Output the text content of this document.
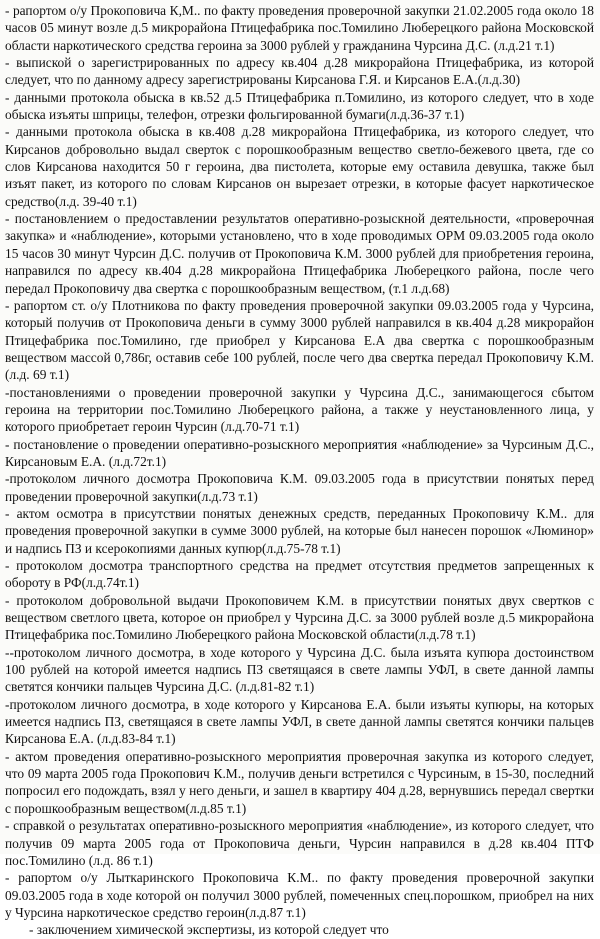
- рапортом о/у Прокоповича К,М.. по факту проведения проверочной закупки 21.02.2005 года около 18 часов 05 минут возле д.5 микрорайона Птицефабрика пос.Томилино Люберецкого района Московской области наркотического средства героина за 3000 рублей у гражданина Чурсина Д.С. (л.д.21 т.1)

- выпиской о зарегистрированных по адресу кв.404 д.28 микрорайона Птицефабрика, из которой следует, что по данному адресу зарегистрированы Кирсанова Г.Я. и Кирсанов Е.А.(л.д.30)

- данными протокола обыска в кв.52 д.5 Птицефабрика п.Томилино, из которого следует, что в ходе обыска изъяты шприцы, телефон, отрезки фольгированной бумаги(л.д.36-37 т.1)

- данными протокола обыска в кв.408 д.28 микрорайона Птицефабрика, из которого следует, что Кирсанов добровольно выдал сверток с порошкообразным вещество светло-бежевого цвета, где со слов Кирсанова находится 50 г героина, два пистолета, которые ему оставила девушка, также был изъят пакет, из которого по словам Кирсанов он вырезает отрезки, в которые фасует наркотическое средство(л.д. 39-40 т.1)

- постановлением о предоставлении результатов оперативно-розыскной деятельности, «проверочная закупка» и «наблюдение», которыми установлено, что в ходе проводимых ОРМ 09.03.2005 года около 15 часов 30 минут Чурсин Д.С. получив от Прокоповича К.М. 3000 рублей для приобретения героина, направился по адресу кв.404 д.28 микрорайона Птицефабрика Люберецкого района, после чего передал Прокоповичу два свертка с порошкообразным веществом, (т.1 л.д.68)

- рапортом ст. о/у Плотникова по факту проведения проверочной закупки 09.03.2005 года у Чурсина, который получив от Прокоповича деньги в сумму 3000 рублей направился в кв.404 д.28 микрорайон Птицефабрика пос.Томилино, где приобрел у Кирсанова Е.А два свертка с порошкообразным веществом массой 0,786г, оставив себе 100 рублей, после чего два свертка передал Прокоповичу К.М.(л.д. 69 т.1)

-постановлениями о проведении проверочной закупки у Чурсина Д.С., занимающегося сбытом героина на территории пос.Томилино Люберецкого района, а также у неустановленного лица, у которого приобретает героин Чурсин (л.д.70-71 т.1)

- постановление о проведении оперативно-розыскного мероприятия «наблюдение» за Чурсиным Д.С., Кирсановым Е.А. (л.д.72т.1)

-протоколом личного досмотра Прокоповича К.М. 09.03.2005 года в присутствии понятых перед проведении проверочной закупки(л.д.73 т.1)

- актом осмотра в присутствии понятых денежных средств, переданных Прокоповичу К.М.. для проведения проверочной закупки в сумме 3000 рублей, на которые был нанесен порошок «Люминор» и надпись ПЗ и ксерокопиями данных купюр(л.д.75-78 т.1)

- протоколом досмотра транспортного средства на предмет отсутствия предметов запрещенных к обороту в РФ(л.д.74т.1)

- протоколом добровольной выдачи Прокоповичем К.М. в присутствии понятых двух свертков с веществом светлого цвета, которое он приобрел у Чурсина Д.С. за 3000 рублей возле д.5 микрорайона Птицефабрика пос.Томилино Люберецкого района Московской области(л.д.78 т.1)

--протоколом личного досмотра, в ходе которого у Чурсина Д.С. была изъята купюра достоинством 100 рублей на которой имеется надпись ПЗ светящаяся в свете лампы УФЛ, в свете данной лампы светятся кончики пальцев Чурсина Д.С. (л.д.81-82 т.1)

-протоколом личного досмотра, в ходе которого у Кирсанова Е.А. были изъяты купюры, на которых имеется надпись ПЗ, светящаяся в свете лампы УФЛ, в свете данной лампы светятся кончики пальцев Кирсанова Е.А. (л.д.83-84 т.1)

- актом проведения оперативно-розыскного мероприятия проверочная закупка из которого следует, что 09 марта 2005 года Прокопович К.М., получив деньги встретился с Чурсиным, в 15-30, последний попросил его подождать, взял у него деньги, и зашел в квартиру 404 д.28, вернувшись передал свертки с порошкообразным веществом(л.д.85 т.1)

- справкой о результатах оперативно-розыскного мероприятия «наблюдение», из которого следует, что получив 09 марта 2005 года от Прокоповича деньги, Чурсин направился в д.28 кв.404 ПТФ пос.Томилино (л.д. 86 т.1)

- рапортом о/у Лыткаринского Прокоповича К.М.. по факту проведения проверочной закупки 09.03.2005 года в ходе которой он получил 3000 рублей, помеченных спец.порошком, приобрел на них у Чурсина наркотическое средство героин(л.д.87 т.1)

- заключением химической экспертизы, из которой следует что
